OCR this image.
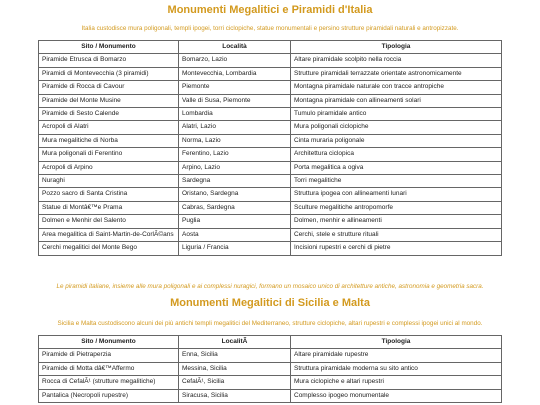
Monumenti Megalitici e Piramidi d'Italia

Italia custodisce mura poligonali, templi ipogei, torri ciclopiche, statue monumentali e persino strutture piramidali naturali e antropizzate.

Sito / Monumento	Località	Tipologia
Piramide Etrusca di Bomarzo	Bomarzo, Lazio	Altare piramidale scolpito nella roccia
Piramidi di Montevecchia (3 piramidi)	Montevecchia, Lombardia	Strutture piramidali terrazzate orientate astronomicamente
Piramide di Rocca di Cavour	Piemonte	Montagna piramidale naturale con tracce antropiche
Piramide del Monte Musine	Valle di Susa, Piemonte	Montagna piramidale con allineamenti solari
Piramide di Sesto Calende	Lombardia	Tumulo piramidale antico
Acropoli di Alatri	Alatri, Lazio	Mura poligonali ciclopiche
Mura megalitiche di Norba	Norma, Lazio	Cinta muraria poligonale
Mura poligonali di Ferentino	Ferentino, Lazio	Architettura ciclopica
Acropoli di Arpino	Arpino, Lazio	Porta megalitica a ogiva
Nuraghi	Sardegna	Torri megalitiche
Pozzo sacro di Santa Cristina	Oristano, Sardegna	Struttura ipogea con allineamenti lunari
Statue di Montâ€™e Prama	Cabras, Sardegna	Sculture megalitiche antropomorfe
Dolmen e Menhir del Salento	Puglia	Dolmen, menhir e allineamenti
Area megalitica di Saint-Martin-de-CorlÃ©ans	Aosta	Cerchi, stele e strutture rituali
Cerchi megalitici del Monte Bego	Liguria / Francia	Incisioni rupestri e cerchi di pietre

Le piramidi italiane, insieme alle mura poligonali e ai complessi nuragici, formano un mosaico unico di architetture antiche, astronomia e geometria sacra.

Monumenti Megalitici di Sicilia e Malta

Sicilia e Malta custodiscono alcuni dei più antichi templi megalitici del Mediterraneo, strutture ciclopiche, altari rupestri e complessi ipogei unici al mondo.

Sito / Monumento	LocalitÃ	Tipologia
Piramide di Pietraperzia	Enna, Sicilia	Altare piramidale rupestre
Piramide di Motta dâ€™Affermo	Messina, Sicilia	Struttura piramidale moderna su sito antico
Rocca di CefalÃ¹ (strutture megalitiche)	CefalÃ¹, Sicilia	Mura ciclopiche e altari rupestri
Pantalica (Necropoli rupestre)	Siracusa, Sicilia	Complesso ipogeo monumentale
